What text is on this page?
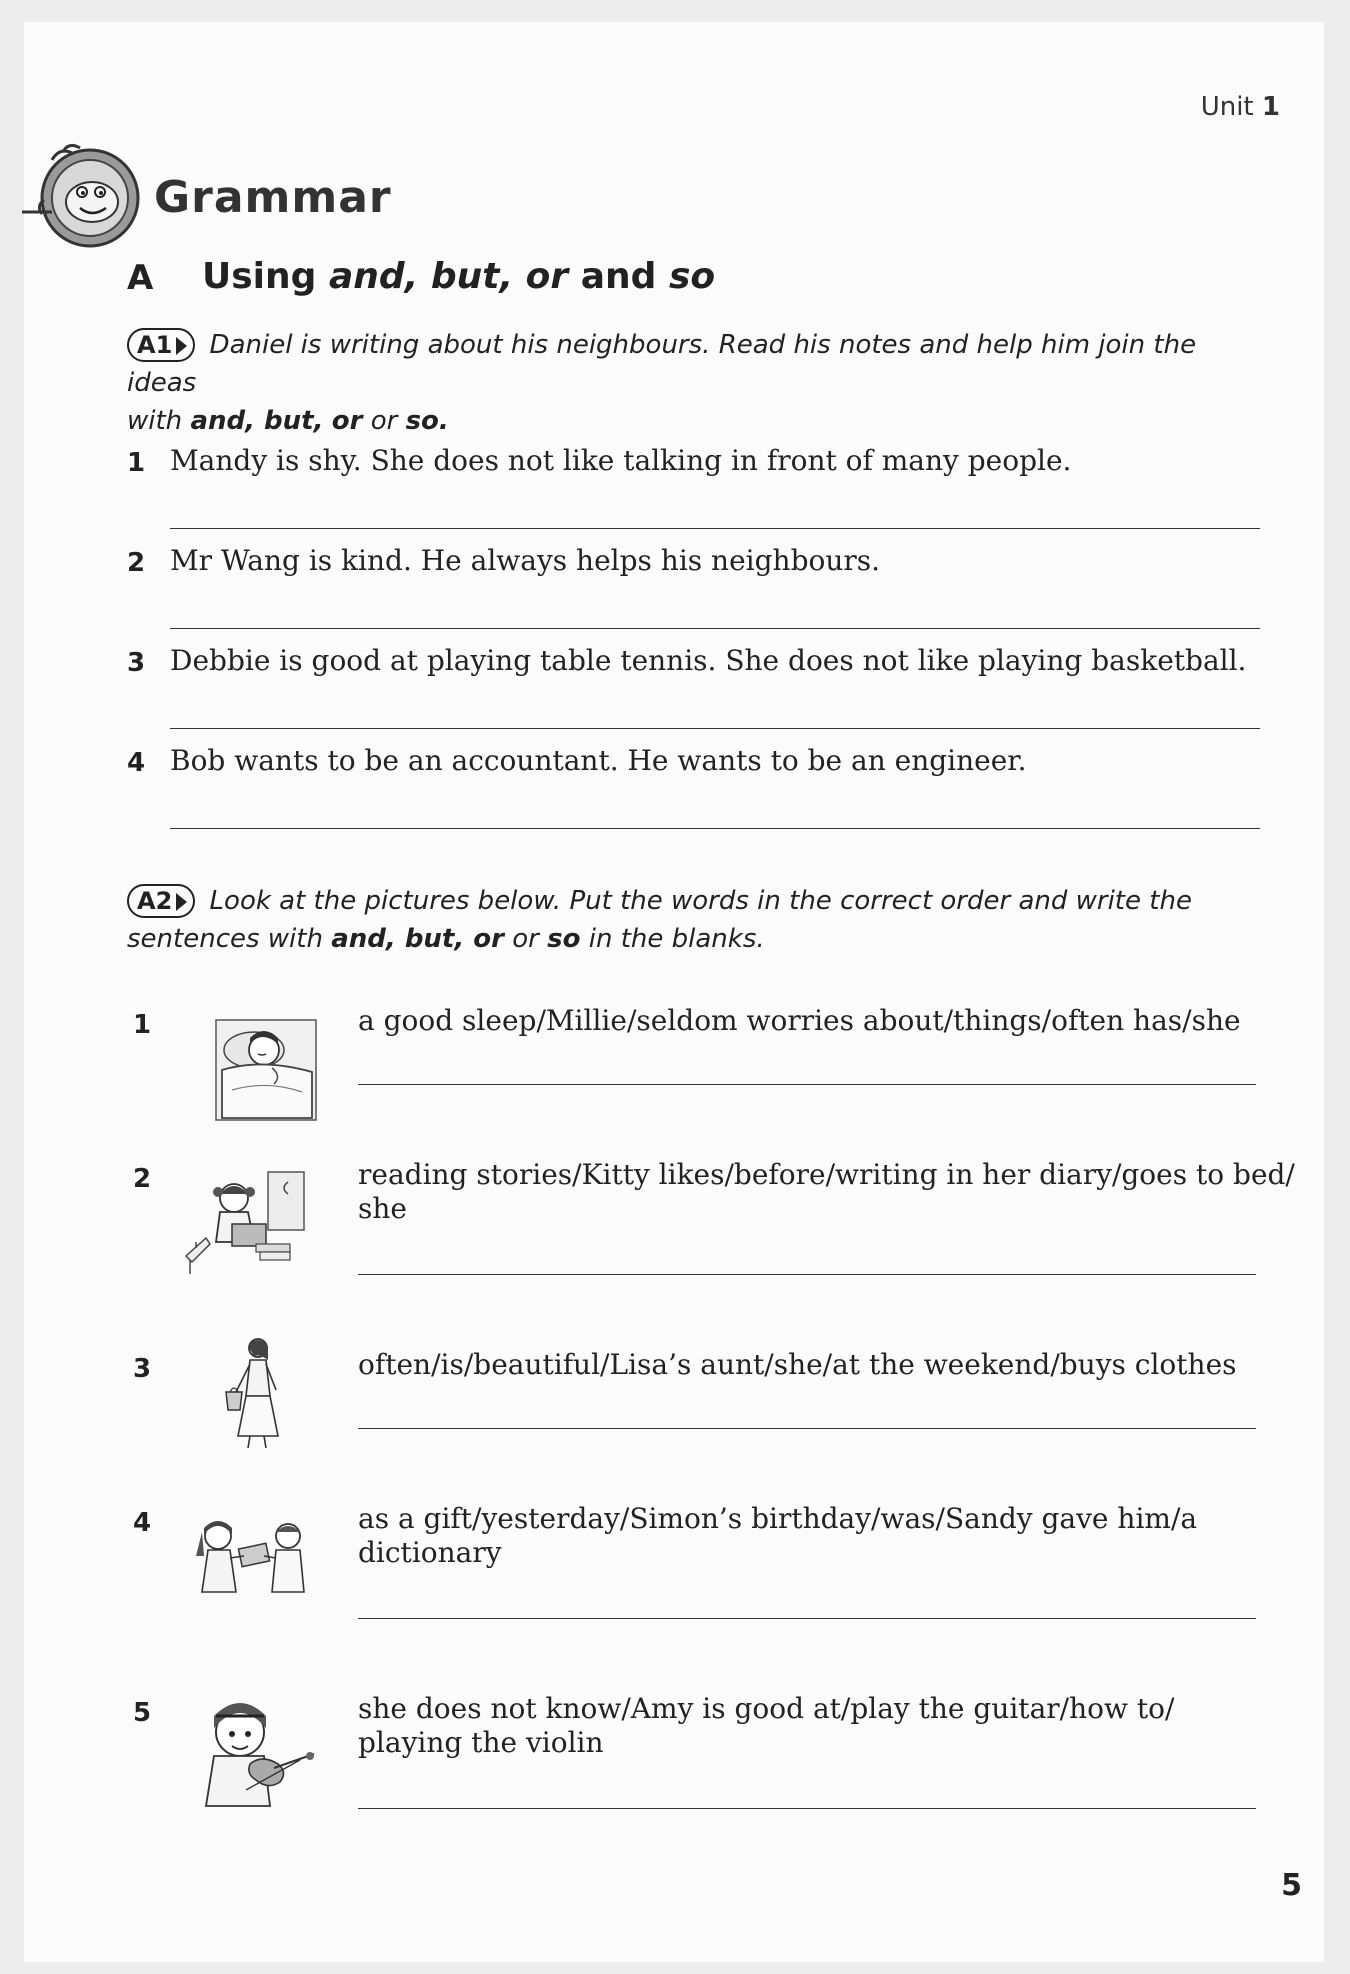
Unit 1
Grammar
A Using and, but, or and so
A1 Daniel is writing about his neighbours. Read his notes and help him join the ideas
with and, but, or or so.
1 Mandy is shy. She does not like talking in front of many people.
2 Mr Wang is kind. He always helps his neighbours.
3 Debbie is good at playing table tennis. She does not like playing basketball.
4 Bob wants to be an accountant. He wants to be an engineer.
A2 Look at the pictures below. Put the words in the correct order and write the
sentences with and, but, or or so in the blanks.
1	a good sleep/Millie/seldom worries about/things/often has/she
2	reading stories/Kitty likes/before/writing in her diary/goes to bed/
she
3	often/is/beautiful/Lisa’s aunt/she/at the weekend/buys clothes
4	as a gift/yesterday/Simon’s birthday/was/Sandy gave him/a
dictionary
5	she does not know/Amy is good at/play the guitar/how to/
playing the violin
5
